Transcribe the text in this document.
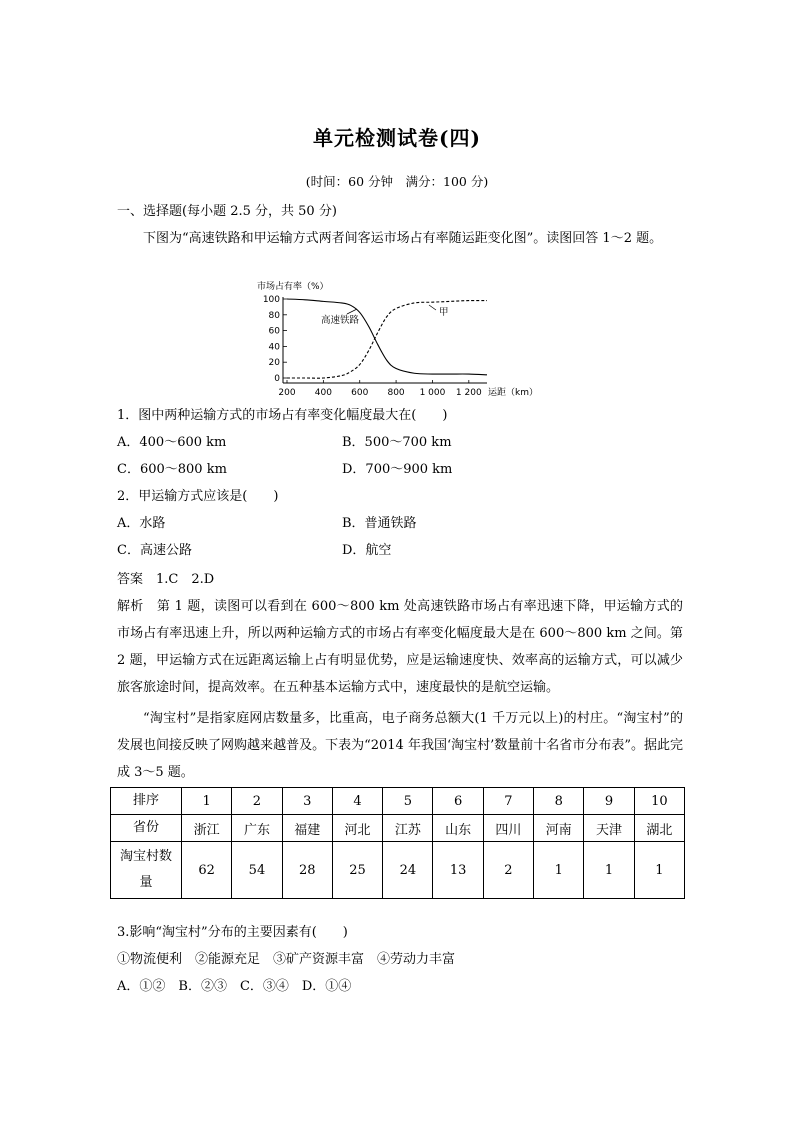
单元检测试卷(四)
(时间：60 分钟　满分：100 分)
一、选择题(每小题 2.5 分，共 50 分)
下图为“高速铁路和甲运输方式两者间客运市场占有率随运距变化图”。读图回答 1～2 题。
市场占有率（%）
运距（km）
0
20
40
60
80
100
200 400 600 800 1 000 1 200
高速铁路
甲
1．图中两种运输方式的市场占有率变化幅度最大在(　　)
A．400～600 km	B．500～700 km
C．600～800 km	D．700～900 km
2．甲运输方式应该是(　　)
A．水路	B．普通铁路
C．高速公路	D．航空
答案　1.C　2.D
解析　第 1 题，读图可以看到在 600～800 km 处高速铁路市场占有率迅速下降，甲运输方式的市场占有率迅速上升，所以两种运输方式的市场占有率变化幅度最大是在 600～800 km 之间。第 2 题，甲运输方式在远距离运输上占有明显优势，应是运输速度快、效率高的运输方式，可以减少旅客旅途时间，提高效率。在五种基本运输方式中，速度最快的是航空运输。
“淘宝村”是指家庭网店数量多，比重高，电子商务总额大(1 千万元以上)的村庄。“淘宝村”的发展也间接反映了网购越来越普及。下表为“2014 年我国‘淘宝村’数量前十名省市分布表”。据此完成 3～5 题。
排序	1	2	3	4	5	6	7	8	9	10
省份	浙江	广东	福建	河北	江苏	山东	四川	河南	天津	湖北
淘宝村数量	62	54	28	25	24	13	2	1	1	1
3.影响“淘宝村”分布的主要因素有(　　)
①物流便利　②能源充足　③矿产资源丰富　④劳动力丰富
A．①②　B．②③　C．③④　D．①④
